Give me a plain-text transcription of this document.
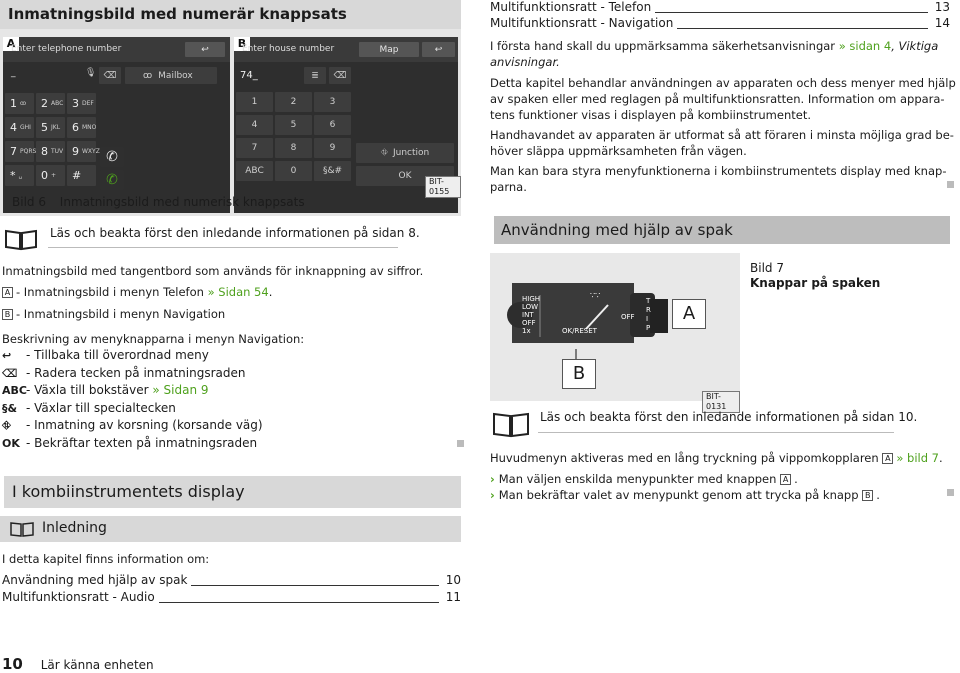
Inmatningsbild med numerär knappsats
A
Enter telephone number	↩
_	🎙 ⌫	ꝏ Mailbox
1 ꝏ 2 ABC 3 DEF
4 GHI 5 JKL 6 MNO
7 PQRS 8 TUV 9 WXYZ
* ␣ 0 + #
✆
✆
B
Enter house number	Map	↩
74_	≣ ⌫
1	2	3
4	5	6
7	8	9
ABC	0	§&#
⛗ Junction
OK
BIT-0155
Bild 6 Inmatningsbild med numerisk knappsats
Läs och beakta först den inledande informationen på sidan 8.
Inmatningsbild med tangentbord som används för inknappning av siffror.
A - Inmatningsbild i menyn Telefon » Sidan 54.
B - Inmatningsbild i menyn Navigation
Beskrivning av menyknapparna i menyn Navigation:
↩ - Tillbaka till överordnad meny
⌫ - Radera tecken på inmatningsraden
ABC- Växla till bokstäver » Sidan 9
§& - Växlar till specialtecken
⛗ - Inmatning av korsning (korsande väg)
OK - Bekräftar texten på inmatningsraden
I kombiinstrumentets display
Inledning
I detta kapitel finns information om:
Användning med hjälp av spak	10
Multifunktionsratt - Audio	11
10 Lär känna enheten
Multifunktionsratt - Telefon	13
Multifunktionsratt - Navigation	14
I första hand skall du uppmärksamma säkerhetsanvisningar » sidan 4, Viktiga anvisningar.
Detta kapitel behandlar användningen av apparaten och dess menyer med hjälp
av spaken eller med reglagen på multifunktionsratten. Information om appara-
tens funktioner visas i displayen på kombiinstrumentet.
Handhavandet av apparaten är utformat så att föraren i minsta möjliga grad be-
höver släppa uppmärksamheten från vägen.
Man kan bara styra menyfunktionerna i kombiinstrumentets display med knap-
parna.
Användning med hjälp av spak
HIGH
LOW
INT
OFF
1x	OK/RESET
OFF
T
R
I
P
∵∵
A
B
BIT-0131
Bild 7
Knappar på spaken
Läs och beakta först den inledande informationen på sidan 10.
Huvudmenyn aktiveras med en lång tryckning på vippomkopplaren A » bild 7.
› Man väljen enskilda menypunkter med knappen A .
› Man bekräftar valet av menypunkt genom att trycka på knapp B .
